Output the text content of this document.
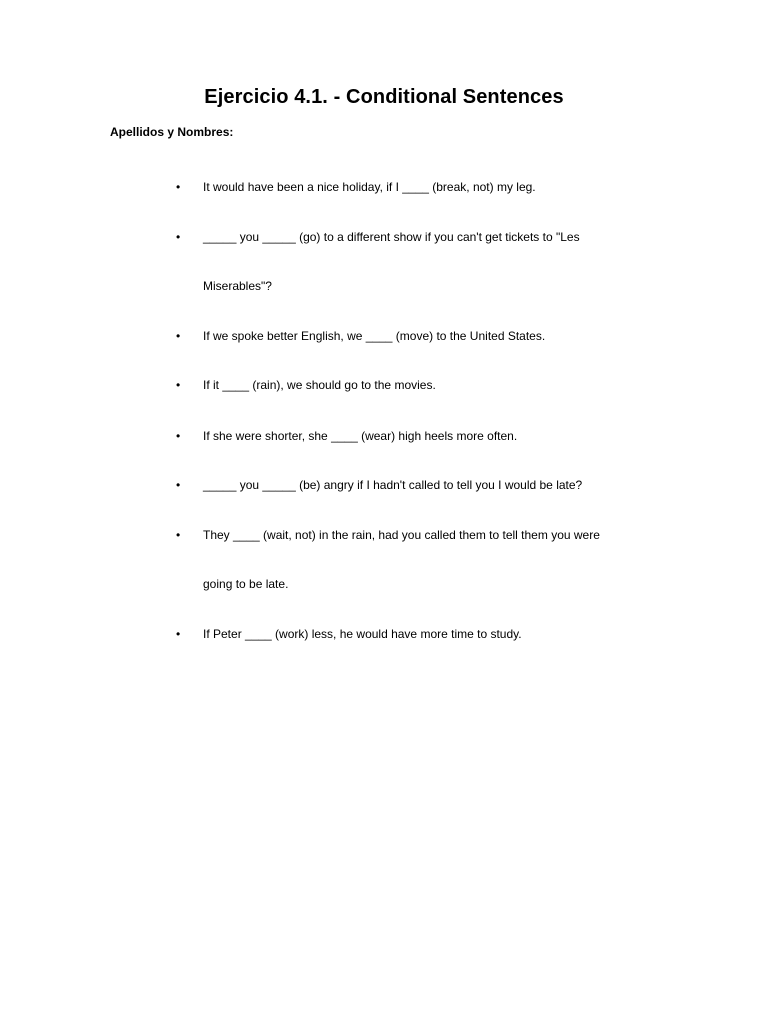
Ejercicio 4.1. - Conditional Sentences

Apellidos y Nombres:

• It would have been a nice holiday, if I ____ (break, not) my leg.
• _____ you _____ (go) to a different show if you can't get tickets to "Les
Miserables"?
• If we spoke better English, we ____ (move) to the United States.
• If it ____ (rain), we should go to the movies.
• If she were shorter, she ____ (wear) high heels more often.
• _____ you _____ (be) angry if I hadn't called to tell you I would be late?
• They ____ (wait, not) in the rain, had you called them to tell them you were
going to be late.
• If Peter ____ (work) less, he would have more time to study.
